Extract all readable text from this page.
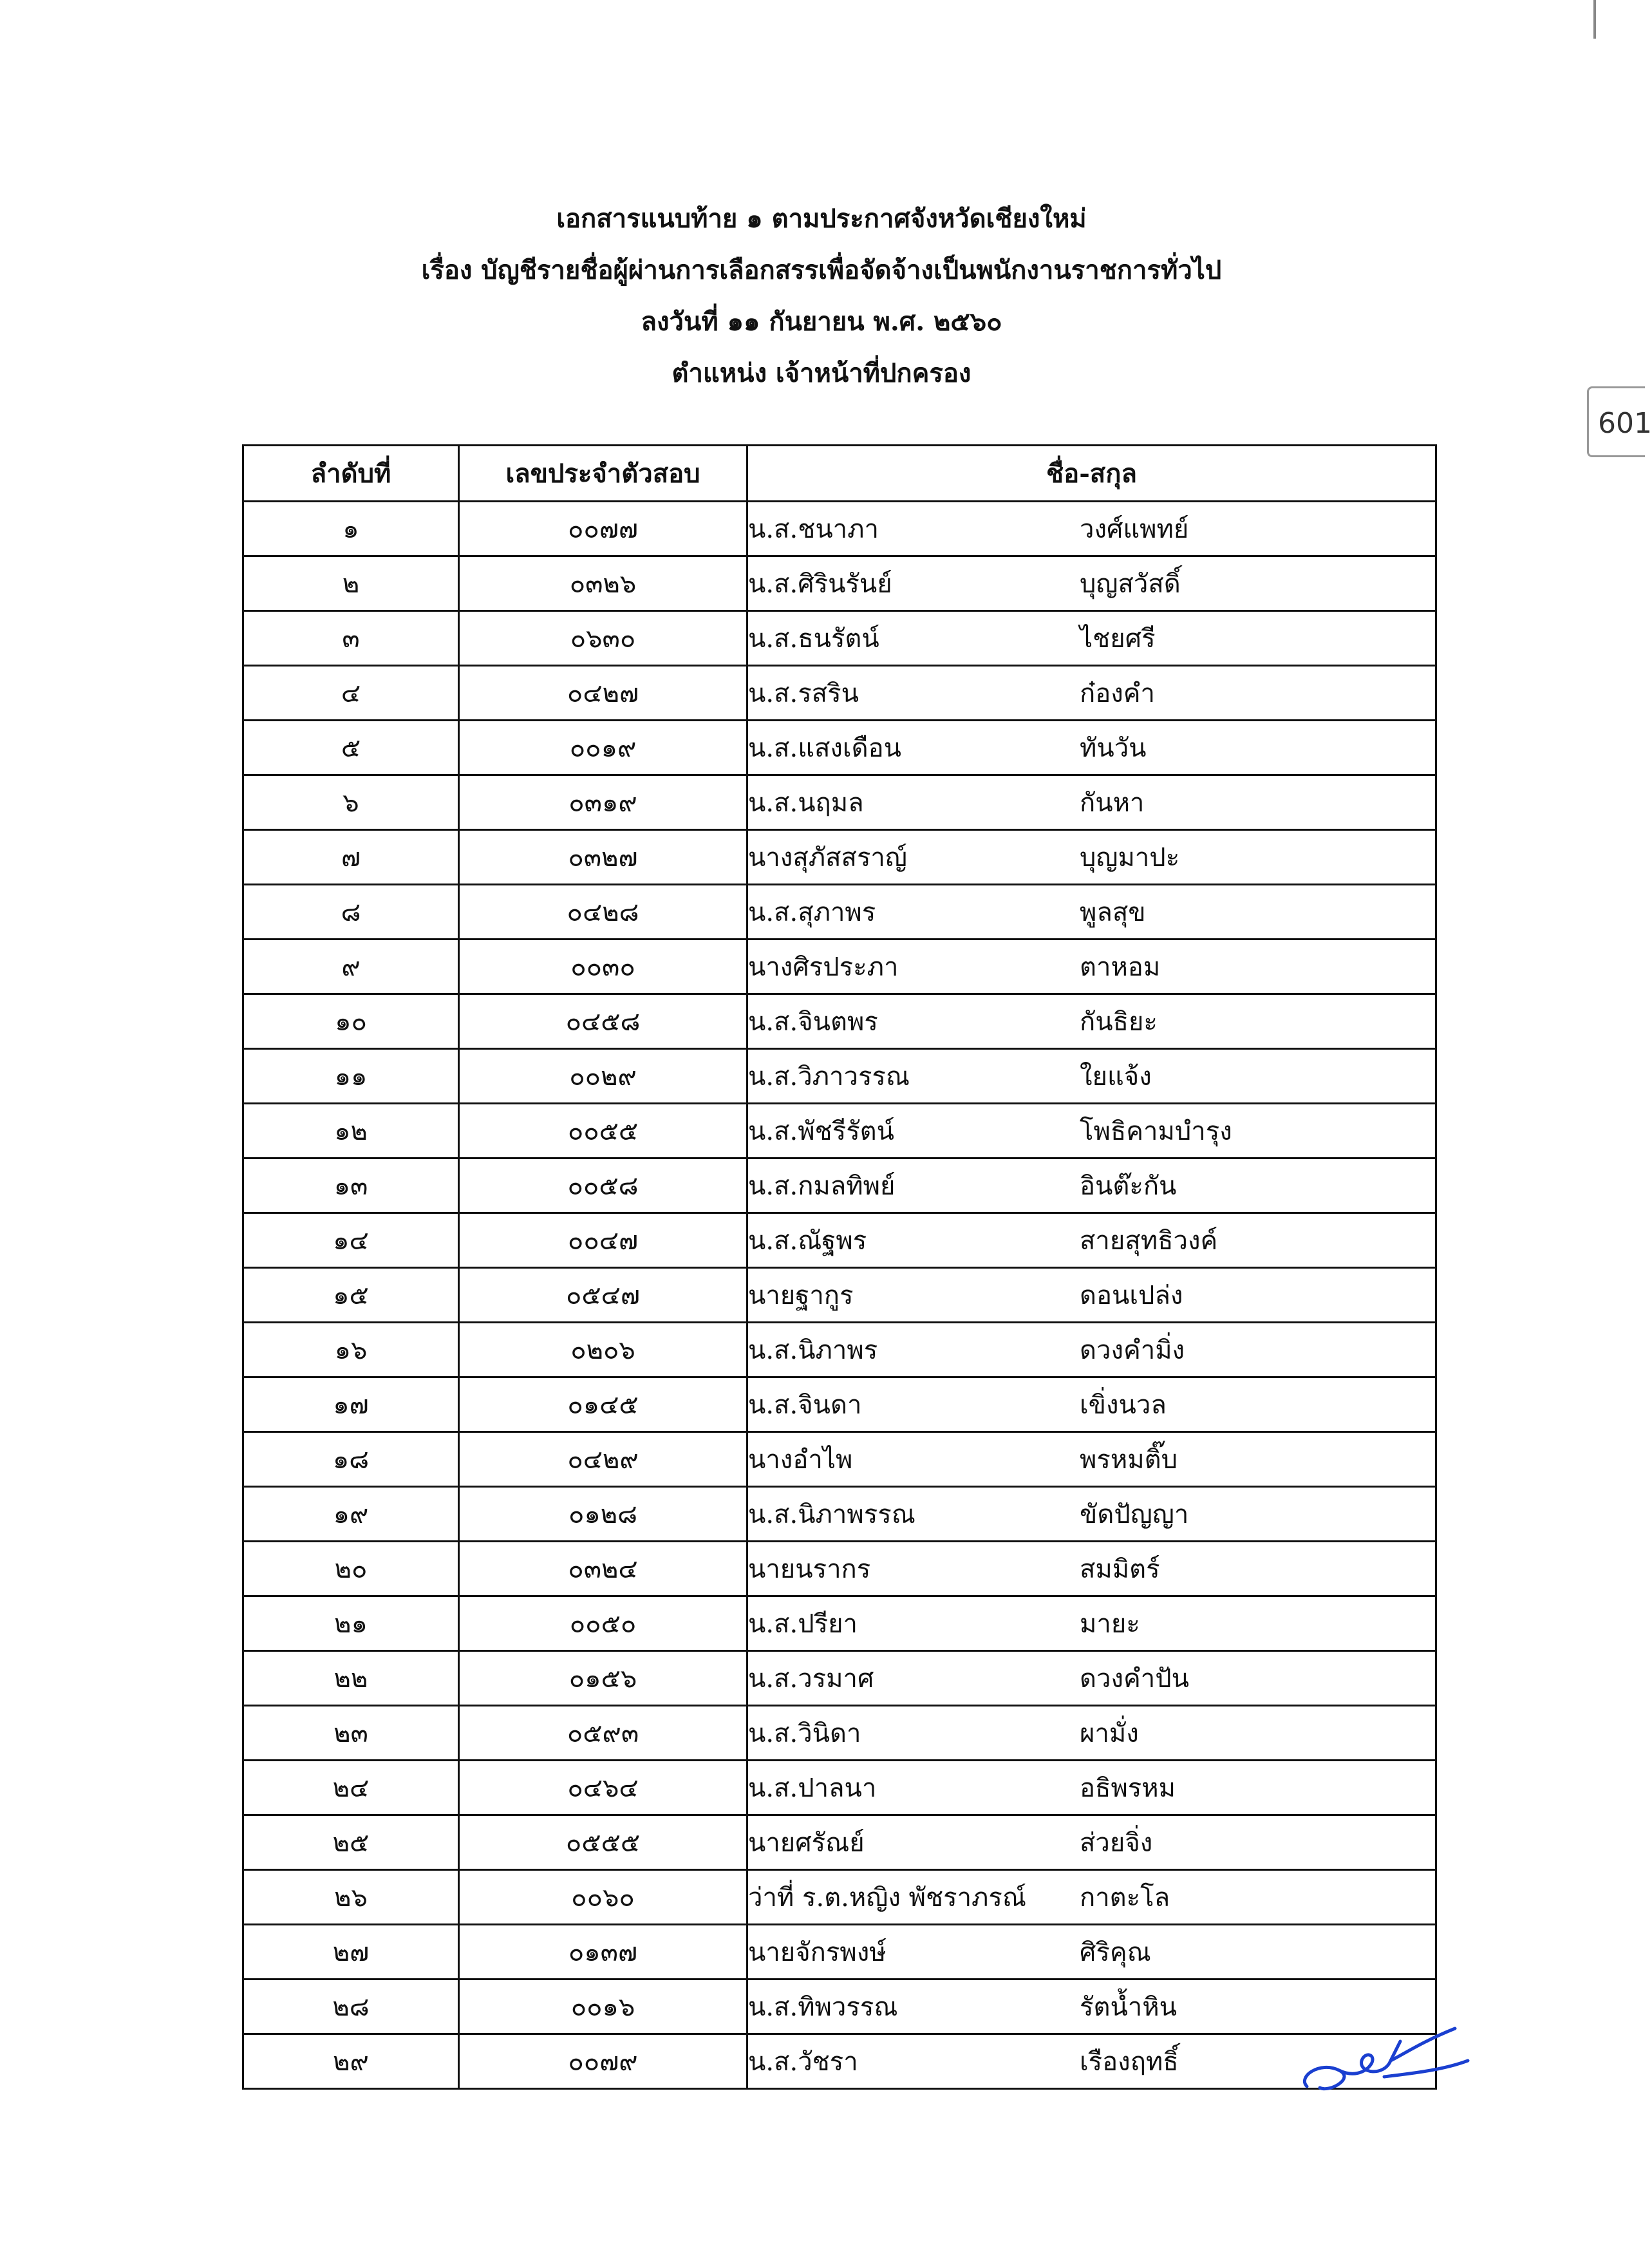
601
เอกสารแนบท้าย ๑ ตามประกาศจังหวัดเชียงใหม่
เรื่อง บัญชีรายชื่อผู้ผ่านการเลือกสรรเพื่อจัดจ้างเป็นพนักงานราชการทั่วไป
ลงวันที่ ๑๑ กันยายน พ.ศ. ๒๕๖๐
ตำแหน่ง เจ้าหน้าที่ปกครอง
ลำดับที่	เลขประจำตัวสอบ	ชื่อ-สกุล
๑	๐๐๗๗	น.ส.ชนาภา วงศ์แพทย์
๒	๐๓๒๖	น.ส.ศิรินรันย์ บุญสวัสดิ์
๓	๐๖๓๐	น.ส.ธนรัตน์ ไชยศรี
๔	๐๔๒๗	น.ส.รสริน ก๋องคำ
๕	๐๐๑๙	น.ส.แสงเดือน ทันวัน
๖	๐๓๑๙	น.ส.นฤมล กันหา
๗	๐๓๒๗	นางสุภัสสราญ์ บุญมาปะ
๘	๐๔๒๘	น.ส.สุภาพร พูลสุข
๙	๐๐๓๐	นางศิรประภา ตาหอม
๑๐	๐๔๕๘	น.ส.จินตพร กันธิยะ
๑๑	๐๐๒๙	น.ส.วิภาวรรณ ใยแจ้ง
๑๒	๐๐๕๕	น.ส.พัชรีรัตน์ โพธิคามบำรุง
๑๓	๐๐๕๘	น.ส.กมลทิพย์ อินต๊ะกัน
๑๔	๐๐๔๗	น.ส.ณัฐพร สายสุทธิวงค์
๑๕	๐๕๔๗	นายฐากูร ดอนเปล่ง
๑๖	๐๒๐๖	น.ส.นิภาพร ดวงคำมิ่ง
๑๗	๐๑๔๕	น.ส.จินดา เขิ่งนวล
๑๘	๐๔๒๙	นางอำไพ พรหมติ๊บ
๑๙	๐๑๒๘	น.ส.นิภาพรรณ ขัดปัญญา
๒๐	๐๓๒๔	นายนรากร สมมิตร์
๒๑	๐๐๕๐	น.ส.ปรียา มายะ
๒๒	๐๑๕๖	น.ส.วรมาศ ดวงคำปัน
๒๓	๐๕๙๓	น.ส.วินิดา ผามั่ง
๒๔	๐๔๖๔	น.ส.ปาลนา อธิพรหม
๒๕	๐๕๕๕	นายศรัณย์ ส่วยจิ่ง
๒๖	๐๐๖๐	ว่าที่ ร.ต.หญิง พัชราภรณ์ กาตะโล
๒๗	๐๑๓๗	นายจักรพงษ์ ศิริคุณ
๒๘	๐๐๑๖	น.ส.ทิพวรรณ รัตน้ำหิน
๒๙	๐๐๗๙	น.ส.วัชรา เรืองฤทธิ์
